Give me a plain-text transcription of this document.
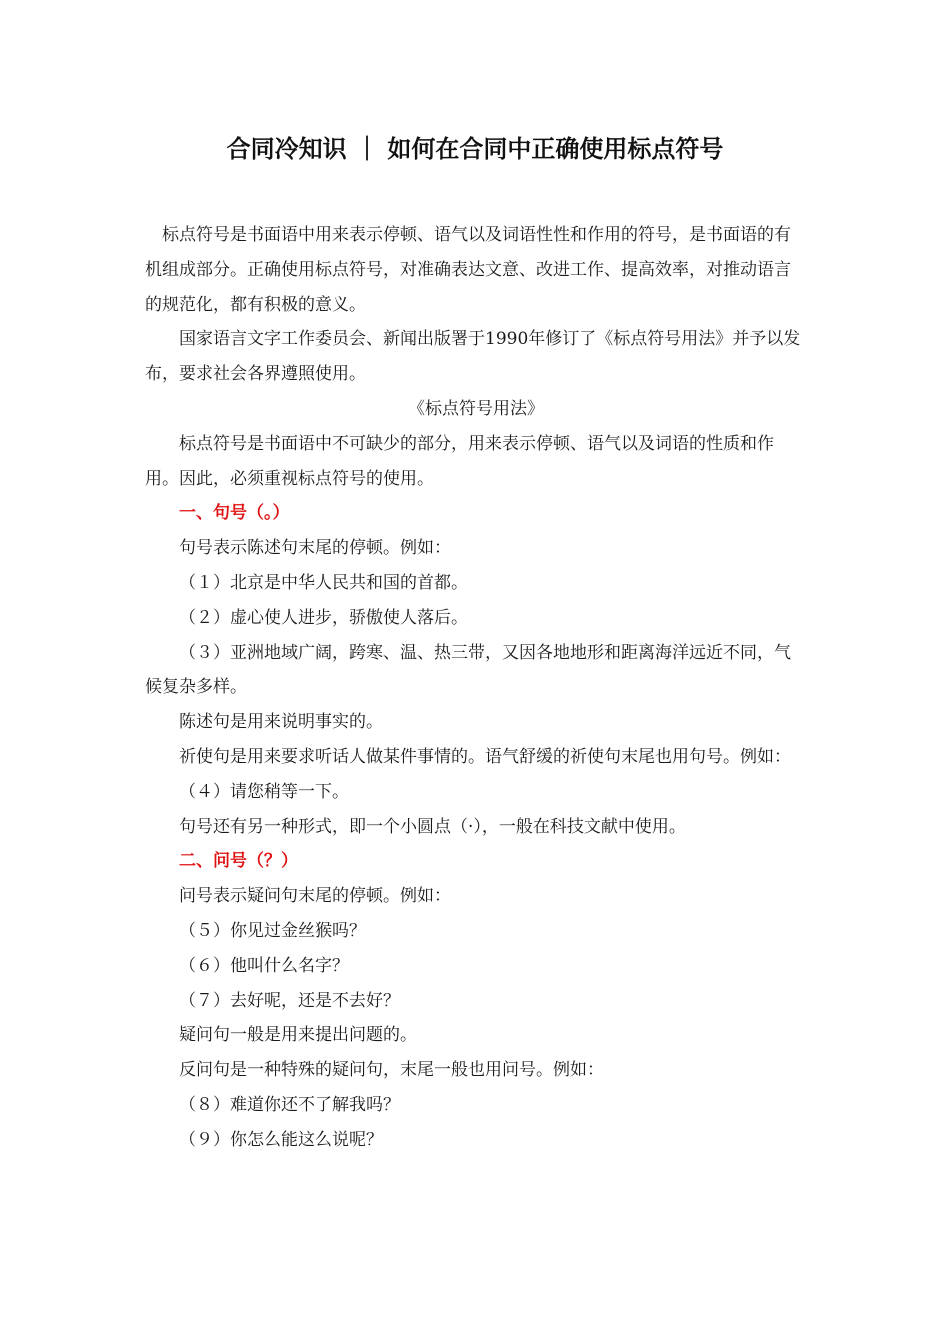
合同冷知识 ｜ 如何在合同中正确使用标点符号

标点符号是书面语中用来表示停顿、语气以及词语性性和作用的符号，是书面语的有机组成部分。正确使用标点符号，对准确表达文意、改进工作、提高效率，对推动语言的规范化，都有积极的意义。

国家语言文字工作委员会、新闻出版署于1990年修订了《标点符号用法》并予以发布，要求社会各界遵照使用。

《标点符号用法》

标点符号是书面语中不可缺少的部分，用来表示停顿、语气以及词语的性质和作用。因此，必须重视标点符号的使用。

一、句号（。）

句号表示陈述句末尾的停顿。例如：

（１）北京是中华人民共和国的首都。

（２）虚心使人进步，骄傲使人落后。

（３）亚洲地域广阔，跨寒、温、热三带，又因各地地形和距离海洋远近不同，气候复杂多样。

陈述句是用来说明事实的。

祈使句是用来要求听话人做某件事情的。语气舒缓的祈使句末尾也用句号。例如：

（４）请您稍等一下。

句号还有另一种形式，即一个小圆点（·），一般在科技文献中使用。

二、问号（？）

问号表示疑问句末尾的停顿。例如：

（５）你见过金丝猴吗？

（６）他叫什么名字？

（７）去好呢，还是不去好？

疑问句一般是用来提出问题的。

反问句是一种特殊的疑问句，末尾一般也用问号。例如：

（８）难道你还不了解我吗？

（９）你怎么能这么说呢？
